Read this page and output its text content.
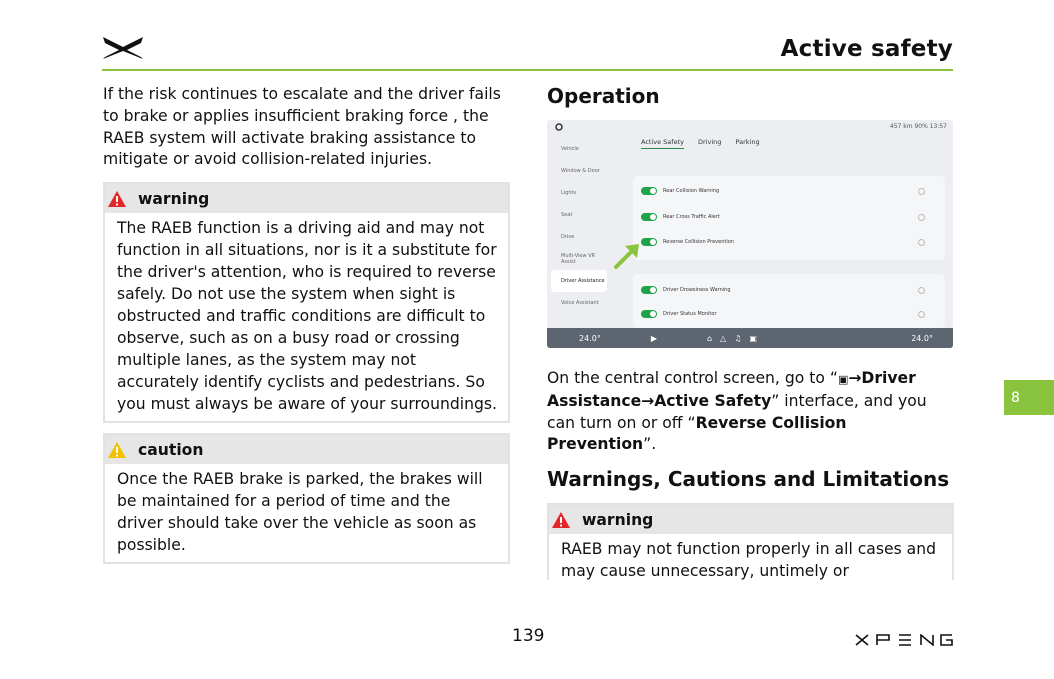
Active safety

If the risk continues to escalate and the driver fails to brake or applies insufficient braking force , the RAEB system will activate braking assistance to mitigate or avoid collision-related injuries.

warning
The RAEB function is a driving aid and may not function in all situations, nor is it a substitute for the driver's attention, who is required to reverse safely. Do not use the system when sight is obstructed and traffic conditions are difficult to observe, such as on a busy road or crossing multiple lanes, as the system may not accurately identify cyclists and pedestrians. So you must always be aware of your surroundings.
caution
Once the RAEB brake is parked, the brakes will be maintained for a period of time and the driver should take over the vehicle as soon as possible.
Operation
457 km 90% 13:57
Vehicle
Window & Door
Lights
Seat
Drive
Multi-View VR Assist
Driver Assistance
Voice Assistant
Active Safety Driving Parking
Rear Collision Warning
Rear Cross Traffic Alert
Reverse Collision Prevention
Driver Drowsiness Warning
Driver Status Monitor
24.0°	▶	⌂△♫▣	24.0°

On the central control screen, go to “▣→Driver Assistance→Active Safety” interface, and you can turn on or off “Reverse Collision Prevention”.

Warnings, Cautions and Limitations
warning
RAEB may not function properly in all cases and may cause unnecessary, untimely or
8
139
